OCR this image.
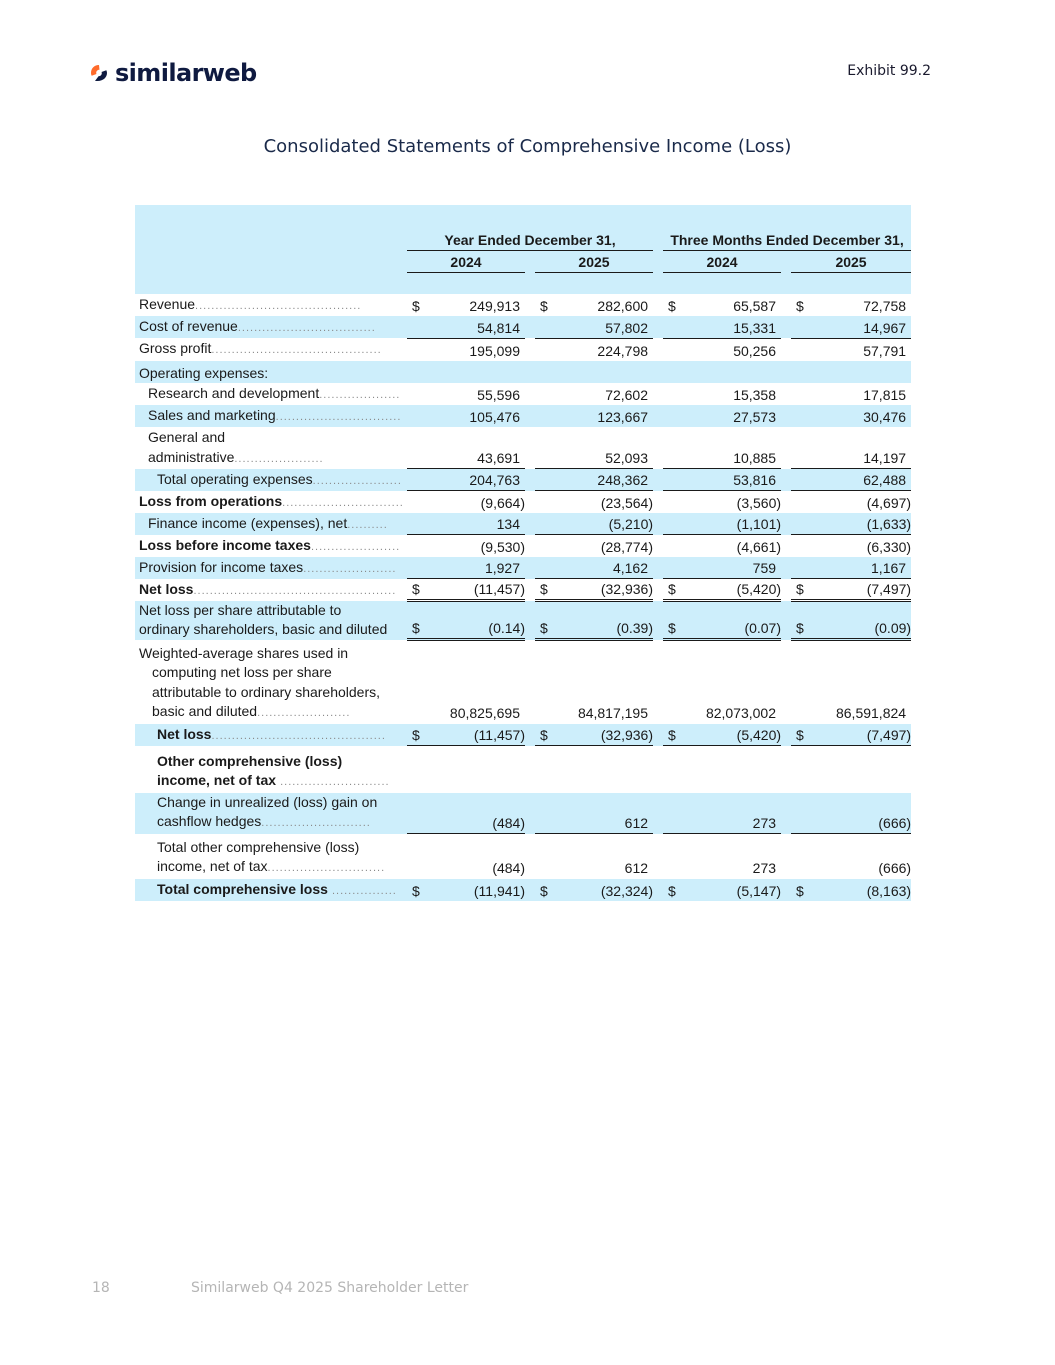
similarweb	Exhibit 99.2
Consolidated Statements of Comprehensive Income (Loss)
	Year Ended December 31,						Three Months Ended December 31,				
	2024			2025			2024			2025	

Revenue.........................................	$	249,913		$	282,600		$	65,587		$	72,758
Cost of revenue..................................		54,814			57,802			15,331			14,967
Gross profit..........................................		195,099			224,798			50,256			57,791
Operating expenses:											
Research and development....................		55,596			72,602			15,358			17,815
Sales and marketing...............................		105,476			123,667			27,573			30,476
General and administrative......................		43,691			52,093			10,885			14,197
Total operating expenses......................		204,763			248,362			53,816			62,488
Loss from operations..............................		(9,664)			(23,564)			(3,560)			(4,697)
Finance income (expenses), net..........		134			(5,210)			(1,101)			(1,633)
Loss before income taxes......................		(9,530)			(28,774)			(4,661)			(6,330)
Provision for income taxes.......................		1,927			4,162			759			1,167
Net loss..................................................	$	(11,457)		$	(32,936)		$	(5,420)		$	(7,497)
Net loss per share attributable to
ordinary shareholders, basic and diluted	$	(0.14)		$	(0.39)		$	(0.07)		$	(0.09)
Weighted-average shares used in
computing net loss per share
attributable to ordinary shareholders,
basic and diluted.......................		80,825,695			84,817,195			82,073,002			86,591,824
Net loss...........................................	$	(11,457)		$	(32,936)		$	(5,420)		$	(7,497)
Other comprehensive (loss)
income, net of tax ...........................											
Change in unrealized (loss) gain on
cashflow hedges...........................		(484)			612			273			(666)
Total other comprehensive (loss)
income, net of tax.............................		(484)			612			273			(666)
Total comprehensive loss ................	$	(11,941)		$	(32,324)		$	(5,147)		$	(8,163)
18	Similarweb Q4 2025 Shareholder Letter
